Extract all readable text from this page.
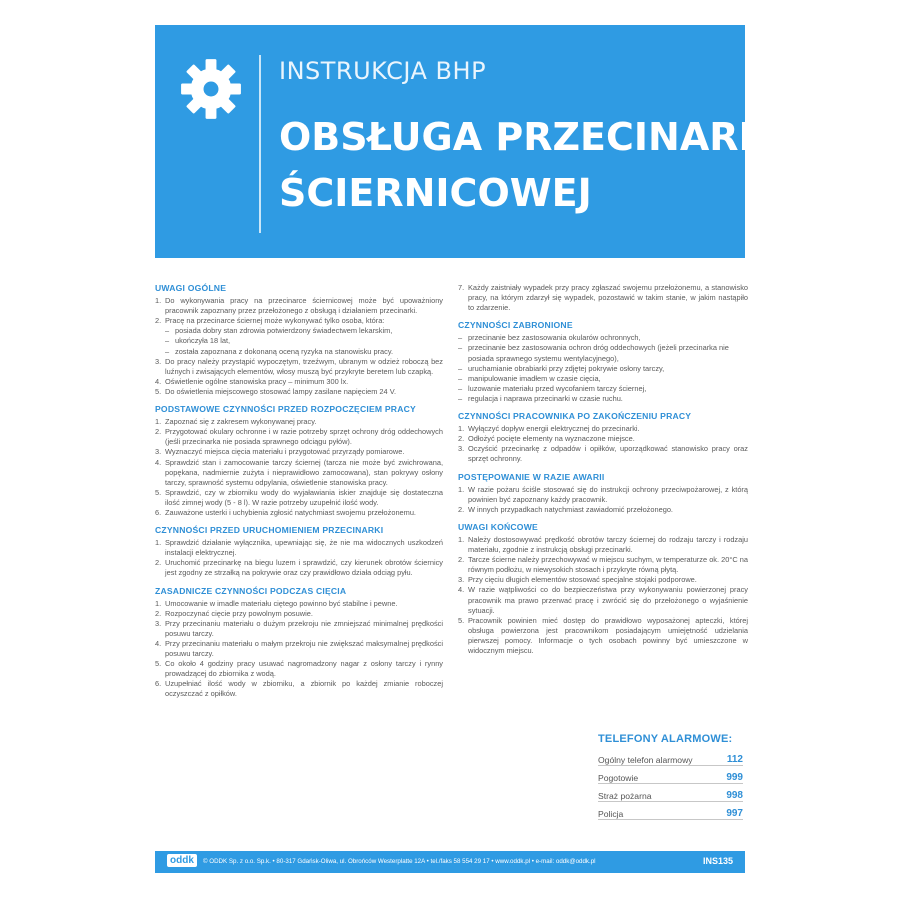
INSTRUKCJA BHP
OBSŁUGA PRZECINARKI
ŚCIERNICOWEJ
UWAGI OGÓLNE

1. Do wykonywania pracy na przecinarce ściernicowej może być upoważniony pracownik zapoznany przez przełożonego z obsługą i działaniem przecinarki.

2. Pracę na przecinarce ściernej może wykonywać tylko osoba, która:

– posiada dobry stan zdrowia potwierdzony świadectwem lekarskim,

– ukończyła 18 lat,

– została zapoznana z dokonaną oceną ryzyka na stanowisku pracy.

3. Do pracy należy przystąpić wypoczętym, trzeźwym, ubranym w odzież roboczą bez luźnych i zwisających elementów, włosy muszą być przykryte beretem lub czapką.

4. Oświetlenie ogólne stanowiska pracy – minimum 300 lx.

5. Do oświetlenia miejscowego stosować lampy zasilane napięciem 24 V.

PODSTAWOWE CZYNNOŚCI PRZED ROZPOCZĘCIEM PRACY

1. Zapoznać się z zakresem wykonywanej pracy.

2. Przygotować okulary ochronne i w razie potrzeby sprzęt ochrony dróg oddechowych (jeśli przecinarka nie posiada sprawnego odciągu pyłów).

3. Wyznaczyć miejsca cięcia materiału i przygotować przyrządy pomiarowe.

4. Sprawdzić stan i zamocowanie tarczy ściernej (tarcza nie może być zwichrowana, popękana, nadmiernie zużyta i nieprawidłowo zamocowana), stan pokrywy osłony tarczy, sprawność systemu odpylania, oświetlenie stanowiska pracy.

5. Sprawdzić, czy w zbiorniku wody do wyjaławiania iskier znajduje się dostateczna ilość zimnej wody (5 - 8 l). W razie potrzeby uzupełnić ilość wody.

6. Zauważone usterki i uchybienia zgłosić natychmiast swojemu przełożonemu.

CZYNNOŚCI PRZED URUCHOMIENIEM PRZECINARKI

1. Sprawdzić działanie wyłącznika, upewniając się, że nie ma widocznych uszkodzeń instalacji elektrycznej.

2. Uruchomić przecinarkę na biegu luzem i sprawdzić, czy kierunek obrotów ściernicy jest zgodny ze strzałką na pokrywie oraz czy prawidłowo działa odciąg pyłu.

ZASADNICZE CZYNNOŚCI PODCZAS CIĘCIA

1. Umocowanie w imadle materiału ciętego powinno być stabilne i pewne.

2. Rozpoczynać cięcie przy powolnym posuwie.

3. Przy przecinaniu materiału o dużym przekroju nie zmniejszać minimalnej prędkości posuwu tarczy.

4. Przy przecinaniu materiału o małym przekroju nie zwiększać maksymalnej prędkości posuwu tarczy.

5. Co około 4 godziny pracy usuwać nagromadzony nagar z osłony tarczy i rynny prowadzącej do zbiornika z wodą.

6. Uzupełniać ilość wody w zbiorniku, a zbiornik po każdej zmianie roboczej oczyszczać z opiłków.

7. Każdy zaistniały wypadek przy pracy zgłaszać swojemu przełożonemu, a stanowisko pracy, na którym zdarzył się wypadek, pozostawić w takim stanie, w jakim nastąpiło to zdarzenie.

CZYNNOŚCI ZABRONIONE

– przecinanie bez zastosowania okularów ochronnych,

– przecinanie bez zastosowania ochron dróg oddechowych (jeżeli przecinarka nie posiada sprawnego systemu wentylacyjnego),

– uruchamianie obrabiarki przy zdjętej pokrywie osłony tarczy,

– manipulowanie imadłem w czasie cięcia,

– luzowanie materiału przed wycofaniem tarczy ściernej,

– regulacja i naprawa przecinarki w czasie ruchu.

CZYNNOŚCI PRACOWNIKA PO ZAKOŃCZENIU PRACY

1. Wyłączyć dopływ energii elektrycznej do przecinarki.

2. Odłożyć pocięte elementy na wyznaczone miejsce.

3. Oczyścić przecinarkę z odpadów i opiłków, uporządkować stanowisko pracy oraz sprzęt ochronny.

POSTĘPOWANIE W RAZIE AWARII

1. W razie pożaru ściśle stosować się do instrukcji ochrony przeciwpożarowej, z którą powinien być zapoznany każdy pracownik.

2. W innych przypadkach natychmiast zawiadomić przełożonego.

UWAGI KOŃCOWE

1. Należy dostosowywać prędkość obrotów tarczy ściernej do rodzaju tarczy i rodzaju materiału, zgodnie z instrukcją obsługi przecinarki.

2. Tarcze ścierne należy przechowywać w miejscu suchym, w temperaturze ok. 20°C na równym podłożu, w niewysokich stosach i przykryte równą płytą.

3. Przy cięciu długich elementów stosować specjalne stojaki podporowe.

4. W razie wątpliwości co do bezpieczeństwa przy wykonywaniu powierzonej pracy pracownik ma prawo przerwać pracę i zwrócić się do przełożonego o wyjaśnienie sytuacji.

5. Pracownik powinien mieć dostęp do prawidłowo wyposażonej apteczki, której obsługa powierzona jest pracownikom posiadającym umiejętność udzielania pierwszej pomocy. Informacje o tych osobach powinny być umieszczone w widocznym miejscu.

TELEFONY ALARMOWE:
Ogólny telefon alarmowy	112
Pogotowie	999
Straż pożarna	998
Policja	997
oddk	© ODDK Sp. z o.o. Sp.k. • 80-317 Gdańsk-Oliwa, ul. Obrońców Westerplatte 12A • tel./faks 58 554 29 17 • www.oddk.pl • e-mail: oddk@oddk.pl	INS135
